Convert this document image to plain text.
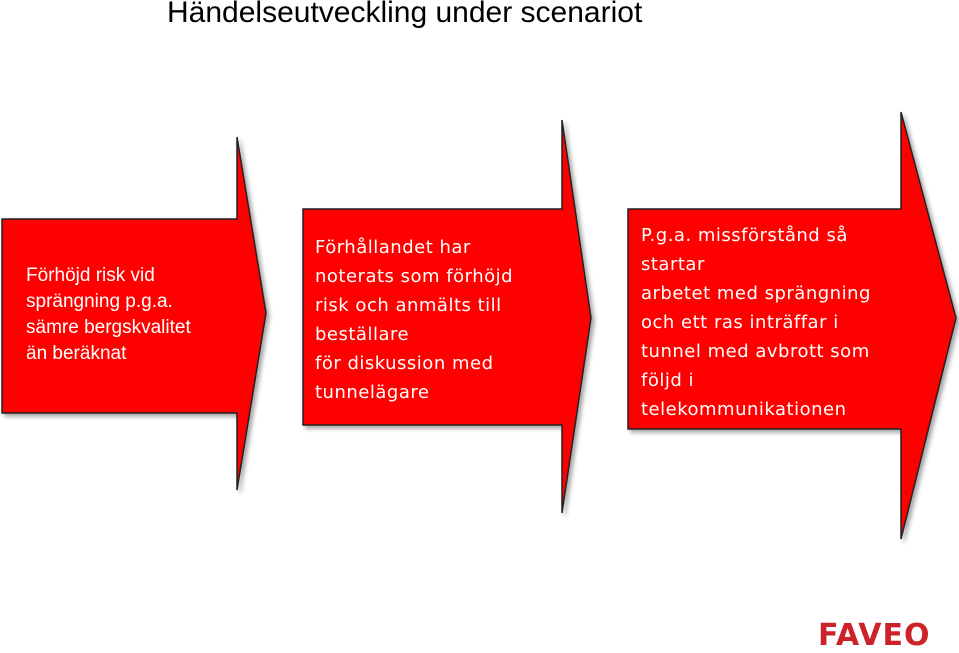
Händelseutveckling under scenariot
Förhöjd risk vid
sprängning p.g.a.
sämre bergskvalitet
än beräknat
Förhållandet har
noterats som förhöjd
risk och anmälts till
beställare
för diskussion med
tunnelägare
P.g.a. missförstånd så
startar
arbetet med sprängning
och ett ras inträffar i
tunnel med avbrott som
följd i
telekommunikationen
FAVEO
